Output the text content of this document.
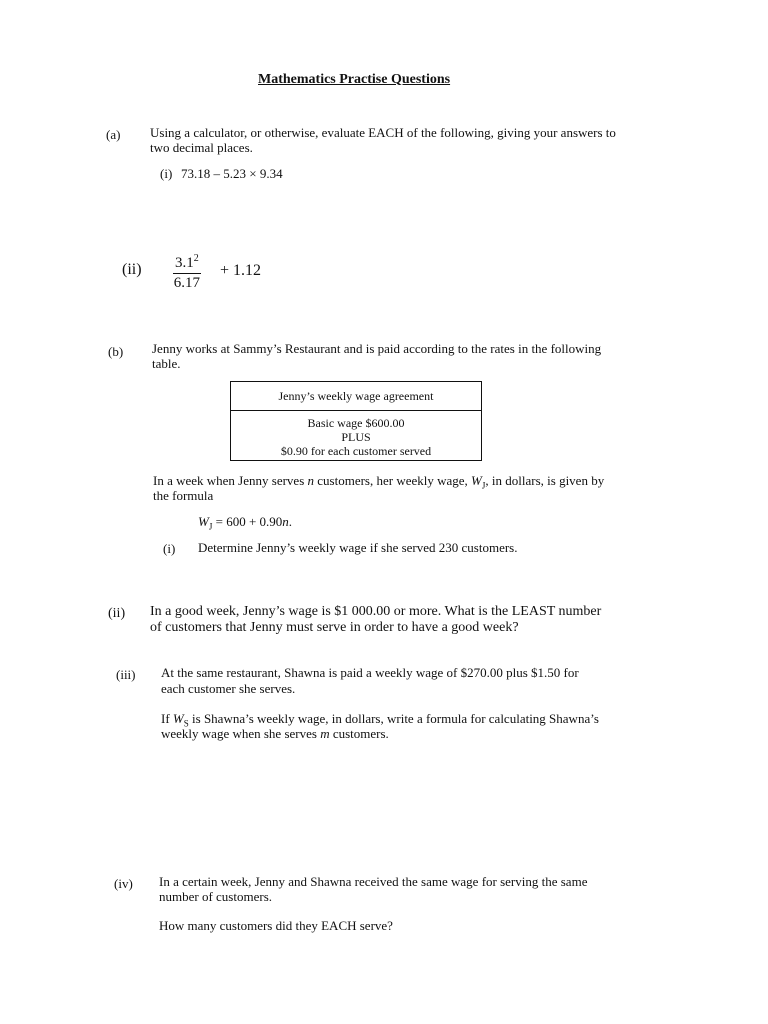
Mathematics Practise Questions
(a) Using a calculator, or otherwise, evaluate EACH of the following, giving your answers to
two decimal places.
(i) 73.18 – 5.23 × 9.34
(ii) $3.1^2$
6.17
+ 1.12
(b) Jenny works at Sammy’s Restaurant and is paid according to the rates in the following
table.
Jenny’s weekly wage agreement
Basic wage $600.00
PLUS
$0.90 for each customer served
In a week when Jenny serves n customers, her weekly wage, $W_J$, in dollars, is given by
the formula
$W_J = 600 + 0.90n$.
(i) Determine Jenny’s weekly wage if she served 230 customers.
(ii) In a good week, Jenny’s wage is $1 000.00 or more. What is the LEAST number
of customers that Jenny must serve in order to have a good week?
(iii) At the same restaurant, Shawna is paid a weekly wage of $270.00 plus $1.50 for
each customer she serves.
If $W_S$ is Shawna’s weekly wage, in dollars, write a formula for calculating Shawna’s
weekly wage when she serves m customers.
(iv) In a certain week, Jenny and Shawna received the same wage for serving the same
number of customers.
How many customers did they EACH serve?
